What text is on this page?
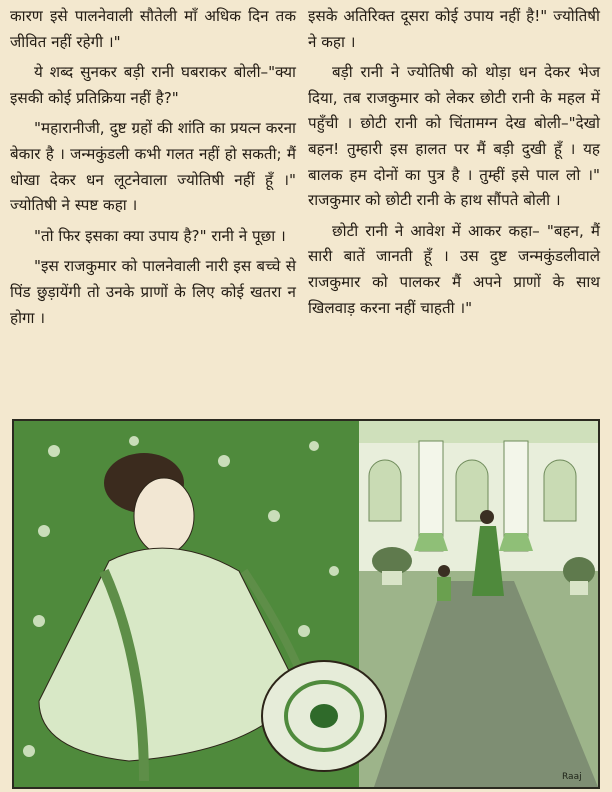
कारण इसे पालनेवाली सौतेली माँ अधिक दिन तक जीवित नहीं रहेगी ।"

ये शब्द सुनकर बड़ी रानी घबराकर बोली–"क्या इसकी कोई प्रतिक्रिया नहीं है?"

"महारानीजी, दुष्ट ग्रहों की शांति का प्रयत्न करना बेकार है । जन्मकुंडली कभी गलत नहीं हो सकती; मैं धोखा देकर धन लूटनेवाला ज्योतिषी नहीं हूँ ।" ज्योतिषी ने स्पष्ट कहा ।

"तो फिर इसका क्या उपाय है?" रानी ने पूछा ।

"इस राजकुमार को पालनेवाली नारी इस बच्चे से पिंड छुड़ायेंगी तो उनके प्राणों के लिए कोई खतरा न होगा ।

इसके अतिरिक्त दूसरा कोई उपाय नहीं है!" ज्योतिषी ने कहा ।

बड़ी रानी ने ज्योतिषी को थोड़ा धन देकर भेज दिया, तब राजकुमार को लेकर छोटी रानी के महल में पहुँची । छोटी रानी को चिंतामग्न देख बोली–"देखो बहन! तुम्हारी इस हालत पर मैं बड़ी दुखी हूँ । यह बालक हम दोनों का पुत्र है । तुम्हीं इसे पाल लो ।" राजकुमार को छोटी रानी के हाथ सौंपते बोली ।

छोटी रानी ने आवेश में आकर कहा– "बहन, मैं सारी बातें जानती हूँ । उस दुष्ट जन्मकुंडलीवाले राजकुमार को पालकर मैं अपने प्राणों के साथ खिलवाड़ करना नहीं चाहती ।"

Raaj
